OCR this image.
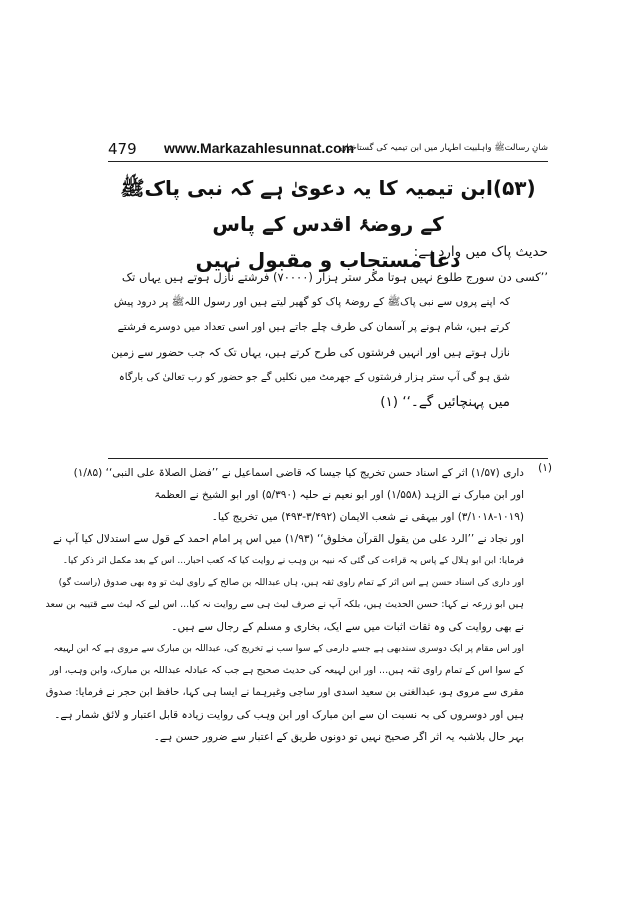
479 www.Markazahlesunnat.com
شانِ رسالتﷺ واہلبیت اطہار میں ابن تیمیہ کی گستاخیاں
(۵۳)ابن تیمیہ کا یہ دعویٰ ہے کہ نبی پاکﷺ کے روضۂ اقدس کے پاس
دعا مستجاب و مقبول نہیں

حدیث پاک میں وارد ہے:

’’کسی دن سورج طلوع نہیں ہوتا مگر ستر ہزار (۷۰۰۰۰) فرشتے نازل ہوتے ہیں یہاں تک

کہ اپنے پروں سے نبی پاکﷺ کے روضۂ پاک کو گھیر لیتے ہیں اور رسول اللہﷺ پر درود پیش

کرتے ہیں، شام ہونے پر آسمان کی طرف چلے جاتے ہیں اور اسی تعداد میں دوسرے فرشتے

نازل ہوتے ہیں اور انہیں فرشتوں کی طرح کرتے ہیں، یہاں تک کہ جب حضور سے زمین

شق ہو گی آپ ستر ہزار فرشتوں کے جھرمٹ میں نکلیں گے جو حضور کو رب تعالیٰ کی بارگاہ

میں پہنچائیں گے۔‘‘ (۱)

(۱)

داری (۱/۵۷) اثر کے اسناد حسن تخریج کیا جیسا کہ قاضی اسماعیل نے ’’فضل الصلاۃ علی النبی‘‘ (۱/۸۵)

اور ابن مبارک نے الزہد (۱/۵۵۸) اور ابو نعیم نے حلیہ (۵/۳۹۰) اور ابو الشیخ نے العظمۃ

(۳/۱۰۱۸-۱۰۱۹) اور بیہقی نے شعب الایمان (۳/۴۹۲-۴۹۳) میں تخریج کیا۔

اور نجاد نے ’’الرد علی من یقول القرآن مخلوق‘‘ (۱/۹۳) میں اس پر امام احمد کے قول سے استدلال کیا آپ نے

فرمایا: ابن ابو ہلال کے پاس یہ قراءت کی گئی کہ نبیہ بن وہب نے روایت کیا کہ کعب احبار... اس کے بعد مکمل اثر ذکر کیا۔

اور داری کی اسناد حسن ہے اس اثر کے تمام راوی ثقہ ہیں، ہاں عبداللہ بن صالح کے راوی لیث تو وہ بھی صدوق (راست گو)

ہیں ابو زرعہ نے کہا: حسن الحدیث ہیں، بلکہ آپ نے صرف لیث ہی سے روایت نہ کیا... اس لیے کہ لیث سے قتیبہ بن سعد

نے بھی روایت کی وہ ثقات اثبات میں سے ایک، بخاری و مسلم کے رجال سے ہیں۔

اور اس مقام پر ایک دوسری سندبھی ہے جسے دارمی کے سوا سب نے تخریج کی، عبداللہ بن مبارک سے مروی ہے کہ ابن لہیعہ

کے سوا اس کے تمام راوی ثقہ ہیں... اور ابن لہیعہ کی حدیث صحیح ہے جب کہ عبادلہ عبداللہ بن مبارک، وابن وہب، اور

مقری سے مروی ہو، عبدالغنی بن سعید اسدی اور ساجی وغیرہما نے ایسا ہی کہا، حافظ ابن حجر نے فرمایا: صدوق

ہیں اور دوسروں کی بہ نسبت ان سے ابن مبارک اور ابن وہب کی روایت زیادہ قابل اعتبار و لائق شمار ہے۔

بہر حال بلاشبہ یہ اثر اگر صحیح نہیں تو دونوں طریق کے اعتبار سے ضرور حسن ہے۔
